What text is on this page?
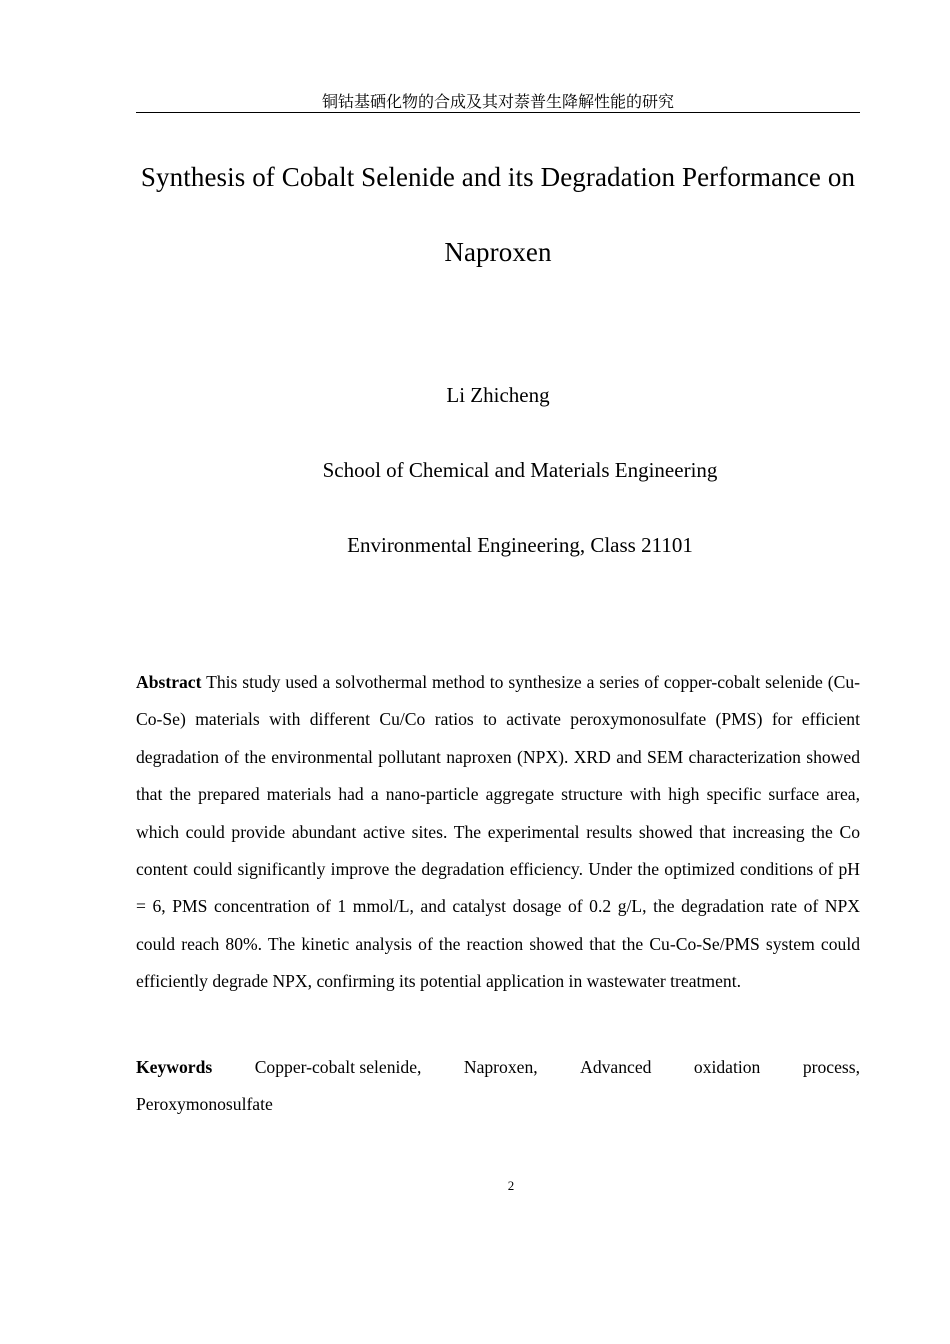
铜钴基硒化物的合成及其对萘普生降解性能的研究
Synthesis of Cobalt Selenide and its Degradation Performance on Naproxen
Li Zhicheng
School of Chemical and Materials Engineering
Environmental Engineering, Class 21101

Abstract This study used a solvothermal method to synthesize a series of copper-cobalt selenide (Cu-Co-Se) materials with different Cu/Co ratios to activate peroxymonosulfate (PMS) for efficient degradation of the environmental pollutant naproxen (NPX). XRD and SEM characterization showed that the prepared materials had a nano-particle aggregate structure with high specific surface area, which could provide abundant active sites. The experimental results showed that increasing the Co content could significantly improve the degradation efficiency. Under the optimized conditions of pH = 6, PMS concentration of 1 mmol/L, and catalyst dosage of 0.2 g/L, the degradation rate of NPX could reach 80%. The kinetic analysis of the reaction showed that the Cu-Co-Se/PMS system could efficiently degrade NPX, confirming its potential application in wastewater treatment.

Keywords Copper-cobalt selenide, Naproxen, Advanced oxidation process,
Peroxymonosulfate
2
